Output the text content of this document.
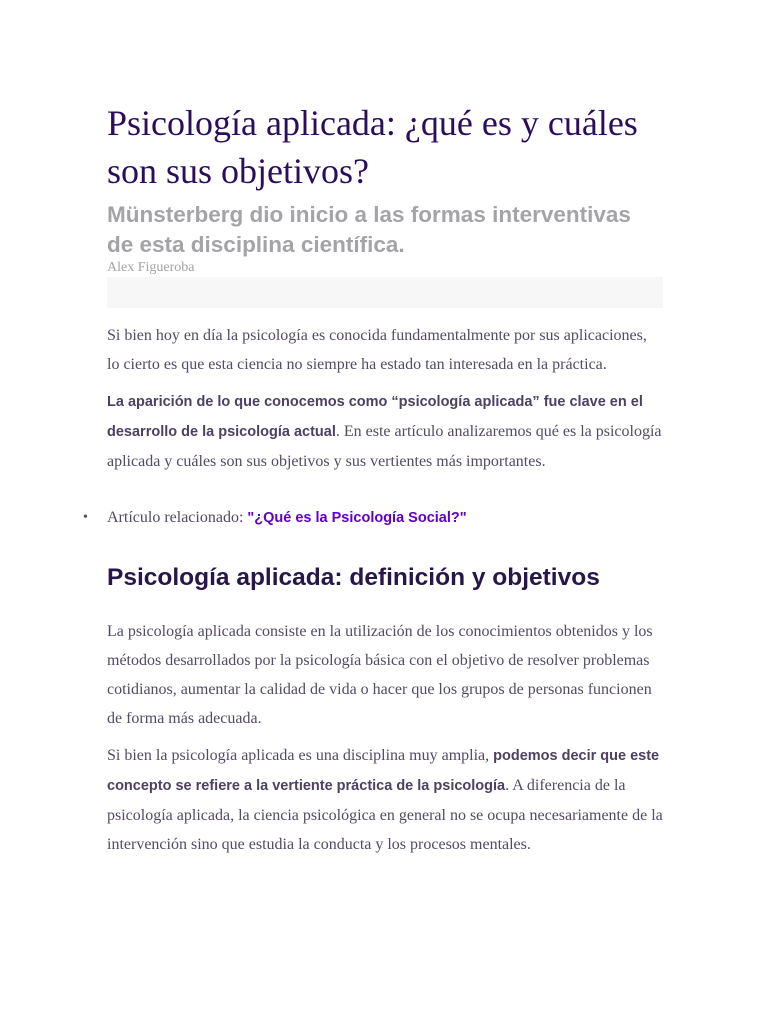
Psicología aplicada: ¿qué es y cuáles son sus objetivos?
Münsterberg dio inicio a las formas interventivas de esta disciplina científica.
Alex Figueroba

Si bien hoy en día la psicología es conocida fundamentalmente por sus aplicaciones, lo cierto es que esta ciencia no siempre ha estado tan interesada en la práctica.

La aparición de lo que conocemos como “psicología aplicada” fue clave en el desarrollo de la psicología actual. En este artículo analizaremos qué es la psicología aplicada y cuáles son sus objetivos y sus vertientes más importantes.

• Artículo relacionado: "¿Qué es la Psicología Social?"
Psicología aplicada: definición y objetivos

La psicología aplicada consiste en la utilización de los conocimientos obtenidos y los métodos desarrollados por la psicología básica con el objetivo de resolver problemas cotidianos, aumentar la calidad de vida o hacer que los grupos de personas funcionen de forma más adecuada.

Si bien la psicología aplicada es una disciplina muy amplia, podemos decir que este concepto se refiere a la vertiente práctica de la psicología. A diferencia de la psicología aplicada, la ciencia psicológica en general no se ocupa necesariamente de la intervención sino que estudia la conducta y los procesos mentales.
